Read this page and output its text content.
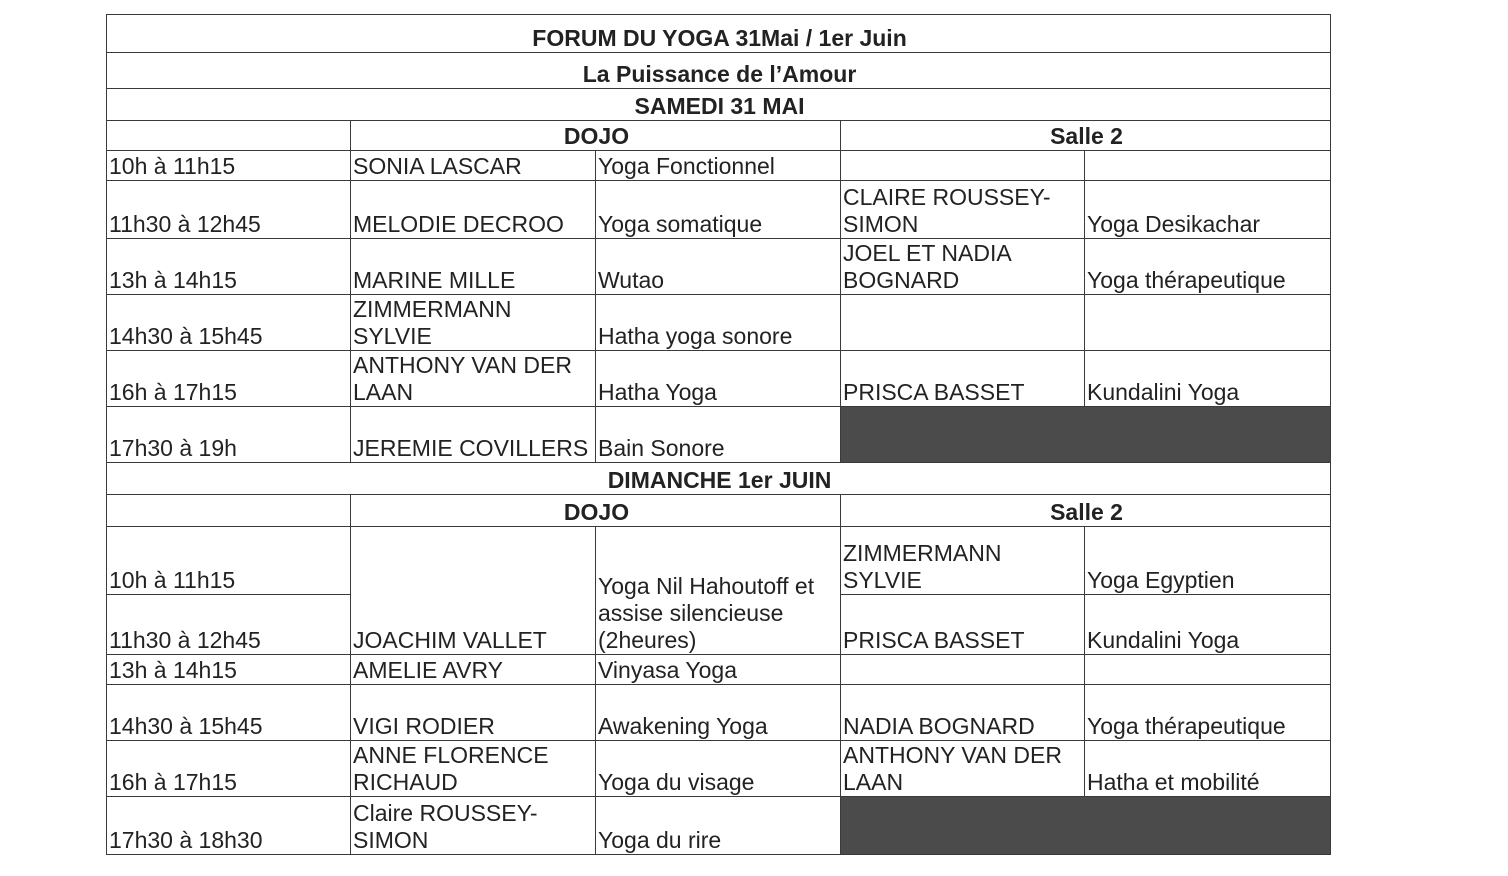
FORUM DU YOGA 31Mai / 1er Juin				
La Puissance de l’Amour				
SAMEDI 31 MAI				
	DOJO		Salle 2	
10h à 11h15	SONIA LASCAR	Yoga Fonctionnel		
11h30 à 12h45	MELODIE DECROO	Yoga somatique	CLAIRE ROUSSEY-SIMON	Yoga Desikachar
13h à 14h15	MARINE MILLE	Wutao	JOEL ET NADIA BOGNARD	Yoga thérapeutique
14h30 à 15h45	ZIMMERMANN SYLVIE	Hatha yoga sonore		
16h à 17h15	ANTHONY VAN DER LAAN	Hatha Yoga	PRISCA BASSET	Kundalini Yoga
17h30 à 19h	JEREMIE COVILLERS	Bain Sonore		
DIMANCHE 1er JUIN				
	DOJO		Salle 2	
10h à 11h15	JOACHIM VALLET	Yoga Nil Hahoutoff et assise silencieuse (2heures)	ZIMMERMANN SYLVIE	Yoga Egyptien
11h30 à 12h45			PRISCA BASSET	Kundalini Yoga
13h à 14h15	AMELIE AVRY	Vinyasa Yoga		
14h30 à 15h45	VIGI RODIER	Awakening Yoga	NADIA BOGNARD	Yoga thérapeutique
16h à 17h15	ANNE FLORENCE RICHAUD	Yoga du visage	ANTHONY VAN DER LAAN	Hatha et mobilité
17h30 à 18h30	Claire ROUSSEY-SIMON	Yoga du rire		
